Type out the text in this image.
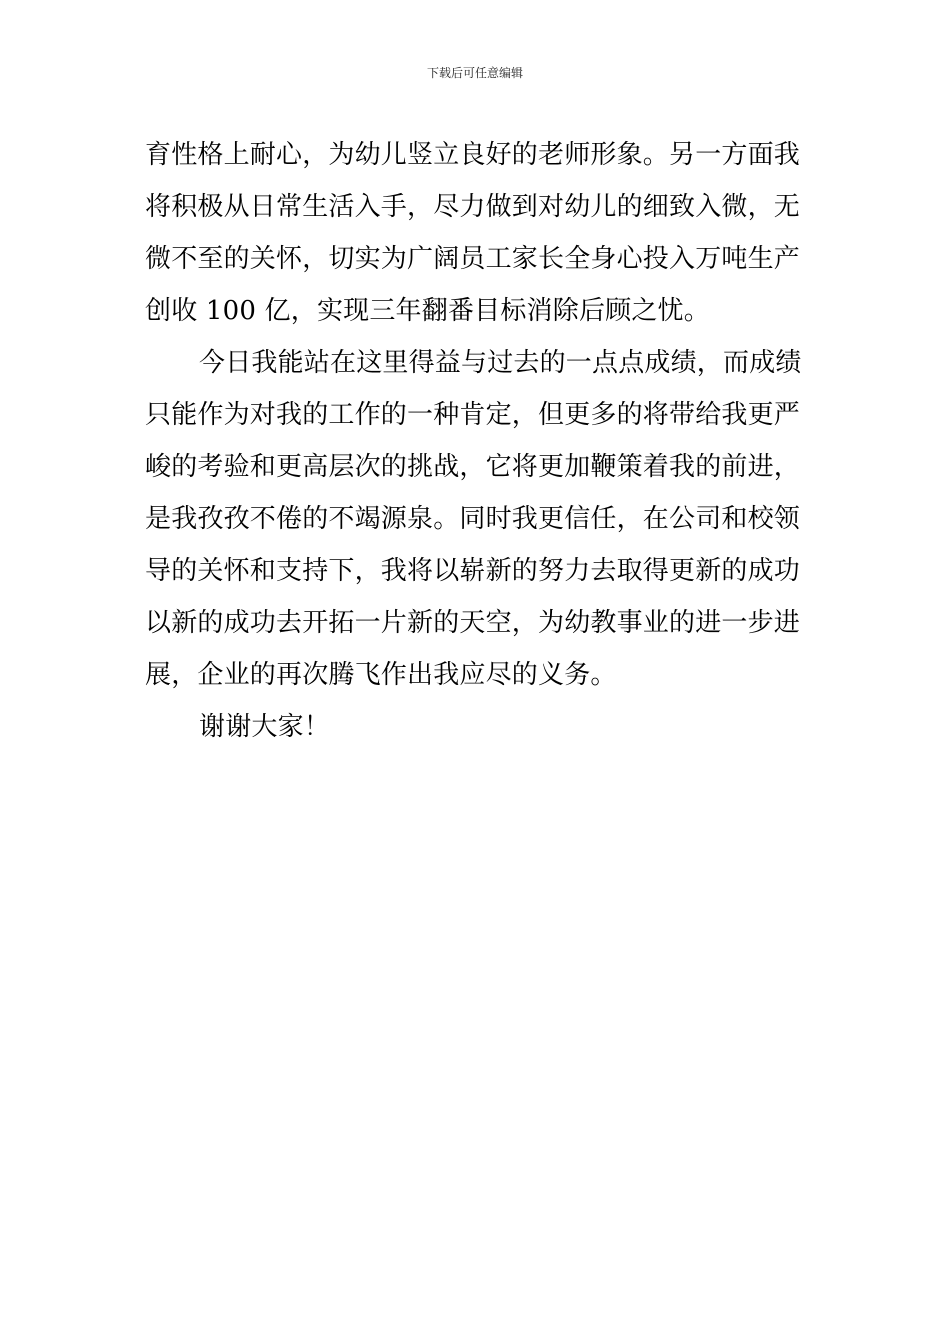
下载后可任意编辑
育性格上耐心，为幼儿竖立良好的老师形象。另一方面我
将积极从日常生活入手，尽力做到对幼儿的细致入微，无
微不至的关怀，切实为广阔员工家长全身心投入万吨生产
创收 100 亿，实现三年翻番目标消除后顾之忧。
今日我能站在这里得益与过去的一点点成绩，而成绩
只能作为对我的工作的一种肯定，但更多的将带给我更严
峻的考验和更高层次的挑战，它将更加鞭策着我的前进，
是我孜孜不倦的不竭源泉。同时我更信任，在公司和校领
导的关怀和支持下，我将以崭新的努力去取得更新的成功
以新的成功去开拓一片新的天空，为幼教事业的进一步进
展，企业的再次腾飞作出我应尽的义务。
谢谢大家！
